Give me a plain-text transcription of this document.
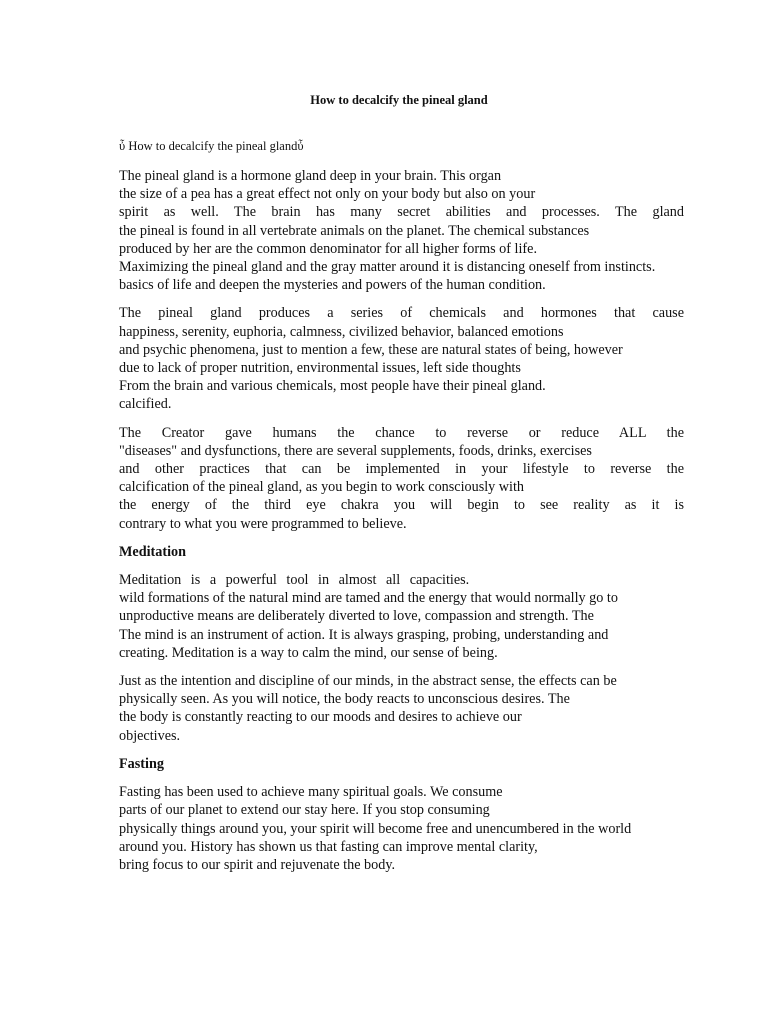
How to decalcify the pineal gland
ὖ How to decalcify the pineal glandὖ
The pineal gland is a hormone gland deep in your brain. This organ
the size of a pea has a great effect not only on your body but also on your
spirit as well. The brain has many secret abilities and processes. The gland
the pineal is found in all vertebrate animals on the planet. The chemical substances
produced by her are the common denominator for all higher forms of life.
Maximizing the pineal gland and the gray matter around it is distancing oneself from instincts.
basics of life and deepen the mysteries and powers of the human condition.
The pineal gland produces a series of chemicals and hormones that cause
happiness, serenity, euphoria, calmness, civilized behavior, balanced emotions
and psychic phenomena, just to mention a few, these are natural states of being, however
due to lack of proper nutrition, environmental issues, left side thoughts
From the brain and various chemicals, most people have their pineal gland.
calcified.
The Creator gave humans the chance to reverse or reduce ALL the
"diseases" and dysfunctions, there are several supplements, foods, drinks, exercises
and other practices that can be implemented in your lifestyle to reverse the
calcification of the pineal gland, as you begin to work consciously with
the energy of the third eye chakra you will begin to see reality as it is
contrary to what you were programmed to believe.
Meditation
Meditation is a powerful tool in almost all capacities.
wild formations of the natural mind are tamed and the energy that would normally go to
unproductive means are deliberately diverted to love, compassion and strength. The
The mind is an instrument of action. It is always grasping, probing, understanding and
creating. Meditation is a way to calm the mind, our sense of being.
Just as the intention and discipline of our minds, in the abstract sense, the effects can be
physically seen. As you will notice, the body reacts to unconscious desires. The
the body is constantly reacting to our moods and desires to achieve our
objectives.
Fasting
Fasting has been used to achieve many spiritual goals. We consume
parts of our planet to extend our stay here. If you stop consuming
physically things around you, your spirit will become free and unencumbered in the world
around you. History has shown us that fasting can improve mental clarity,
bring focus to our spirit and rejuvenate the body.
